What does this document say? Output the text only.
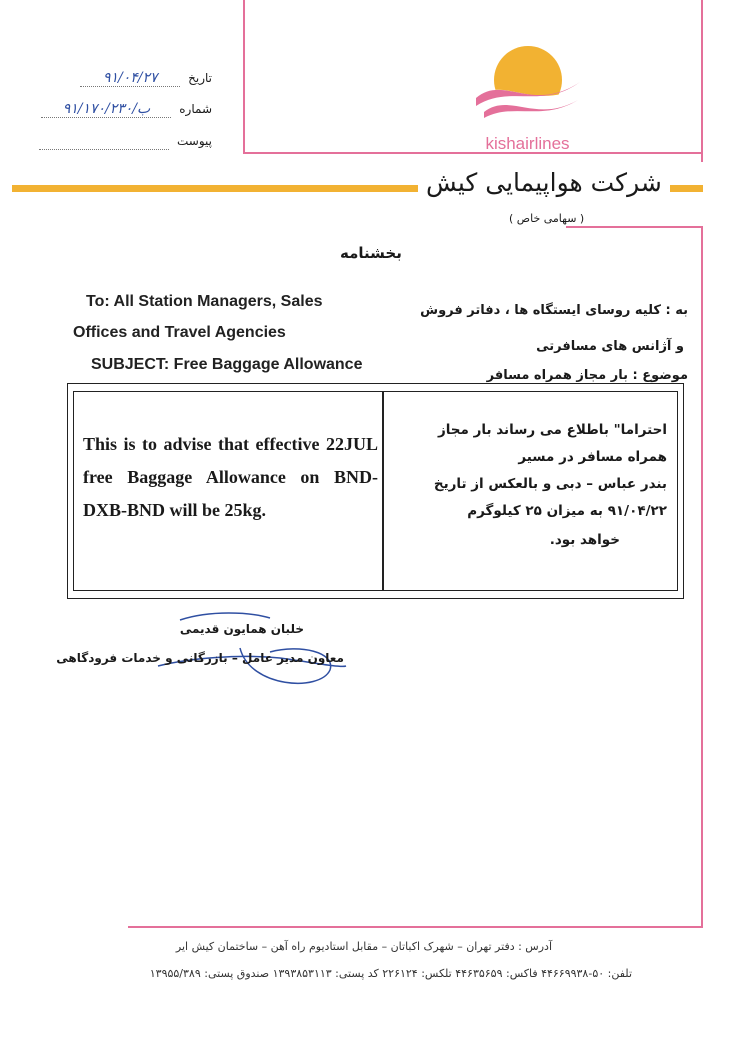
تاریخ ۹۱/۰۴/۲۷
شماره ۹۱/۱۷۰/۲۳۰/ب
پیوست	kishairlines
شرکت هواپیمایی کیش
( سهامی خاص )
بخشنامه
To: All Station Managers, Sales
Offices and Travel Agencies
SUBJECT: Free Baggage Allowance
به : کلیه روسای ایستگاه ها ، دفاتر فروش
و آژانس های مسافرتی
موضوع : بار مجاز همراه مسافر
This is to advise that effective 22JUL free Baggage Allowance on BND-DXB-BND will be 25kg.
احتراما" باطلاع می رساند بار مجاز
همراه مسافر در مسیر
بندر عباس – دبی و بالعکس از تاریخ
۹۱/۰۴/۲۲ به میزان ۲۵ کیلوگرم
خواهد بود.
خلبان همایون قدیمی
معاون مدیر عامل – بازرگانی و خدمات فرودگاهی
آدرس : دفتر تهران – شهرک اکباتان – مقابل استادیوم راه آهن – ساختمان کیش ایر
تلفن: ۵۰-۴۴۶۶۹۹۳۸ فاکس: ۴۴۶۳۵۶۵۹ تلکس: ۲۲۶۱۲۴ کد پستی: ۱۳۹۳۸۵۳۱۱۳ صندوق پستی: ۱۳۹۵۵/۳۸۹
